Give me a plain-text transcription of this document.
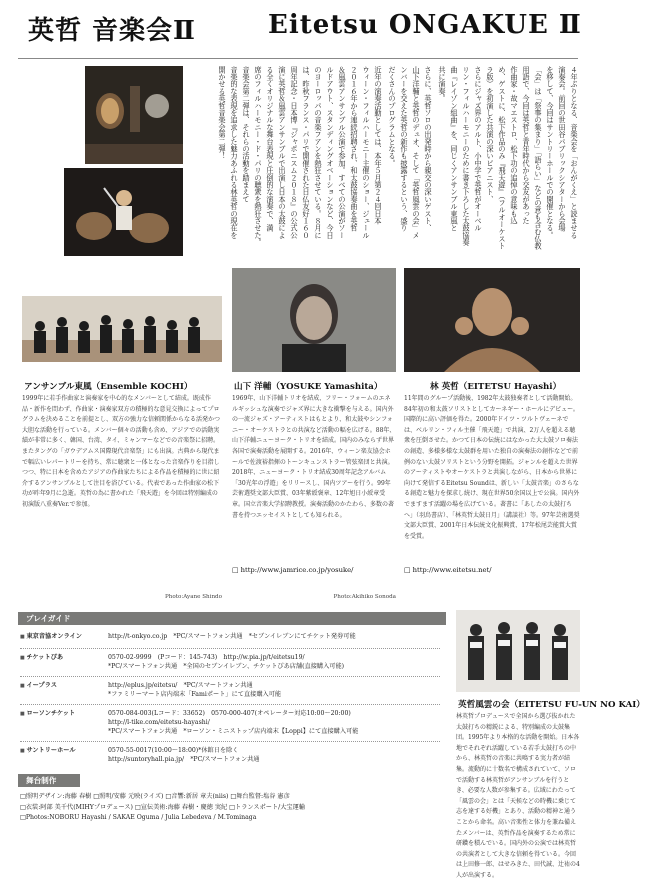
英哲 音楽会Ⅱ	Eitetsu ONGAKUE Ⅱ
４年ぶりとなる、音楽会を「おんがくえ」と読ませる
演奏会。前回の世田谷パブリックシアターから会場
を移して、今回はサントリーホールでの開催となる。
「会」は「祭事の集まり」「語らい」などの意も含む仏教
用語で、今回は英哲と青年時代から交友があった
作曲家・故マエストロ、松下功の追悼の意味も込
め、ゲストに、松下作品のみ『飛天遊』（フルオーケスト
ラ版）を初演した共演の深いピアニスト、
さらにジャズ界のアルト、小中学で英哲がオーベル
リン・フィルハーモニーのために書き下ろした太鼓協奏
曲『レイゾン組曲』を、同じくアンサンブル東風と
共に演奏。
さらに、英哲ソロの出発時から親交の深いゲスト、
山下洋輔と英哲のデュオ、そして「英哲風雲の会」メ
ンバーを交えた英哲の新作も披露するという、盛り
だくさんのプログラムとなる。
近年の演奏活動としては、本年５月第２４回日本
ウィーン・フィルハーモニー主催のショー、ジュール
２０１６年から連続招聘され、和太鼓協奏曲を英哲
＆風雲アンサンブル公演で参加。すべての公演がソー
ルドアウト、スタンディングオベーションなど、今日
のヨーロッパの音楽フアンを熱狂させている。８月に
は、昨秋フランス・パリで開催された日仏友好１６０
周年記念・日本博『ジャポニスム２０１８』の公式公
演に英哲＆風雲アンサンブルで出演し日本の太鼓によ
る全くオリジナルな舞台表現と圧倒的な演奏で、満
席のフィルハーモニー・ド・パリの聴衆を熱狂させた。
音楽会第二弾は、それらの活動を踏まえて
音楽的な表現を追求した魅力あふれる林英哲の現在を
開かせる英哲音楽会第二弾！
アンサンブル東風（Ensemble KOCHI）
1999年に若手作曲家と演奏家を中心的なメンバーとして結成。既成作品・新作を問わず、作曲家・演奏家双方の積極的な意見交換によってプログラムを決めることを前提とし、双方の強力な信頼関係からなる活発かつ大胆な活動を行っている。メンバー個々の活動も含め、アジアでの活動実績が非常に多く、韓国、台湾、タイ、ミャンマーなどでの音楽祭に招聘。またタングの「ガウデアムス国際現代音楽祭」にも出演。古典から現代まで幅広いレパートリーを持ち、常に聴衆と一体となった音楽作りを目指しつつ、特に日本を含めたアジアの作曲家たちによる作品を積極的に世に紹介するアンサンブルとして注目を浴びている。代表であった作曲家の松下功が昨年9月に急逝。英哲の為に書かれた「飛天遊」を今回は特別編成の初演版八重奏Ver.で参加。
Photo:Ayane Shindo
山下 洋輔（YOSUKE Yamashita）
1969年、山下洋輔トリオを結成、フリー・フォームのエネルギッシュな演奏でジャズ界に大きな衝撃を与える。国内外の一流ジャズ・アーティストはもとより、和太鼓やシンフォニー・オーケストラとの共演など活動の幅を広げる。88年、山下洋輔ニューヨーク・トリオを結成。国内のみならず世界各国で演奏活動を展開する。2016年、ウィーン楽友協会ホールで佐渡裕指揮のトーンキュンストラー管弦楽団と共演。2018年、ニューヨーク・トリオ結成30周年記念アルバム「30光年の浮遊」をリリースし、国内ツアーを行う。99年芸術選奨文部大臣賞、03年紫綬褒章、12年旭日小綬章受章。国立音楽大学招聘教授。演奏活動のかたわら、多数の著書を持つエッセイストとしても知られる。
□ http://www.jamrice.co.jp/yosuke/
Photo:Akihiko Sonoda
林 英哲（EITETSU Hayashi）
11年間のグループ活動後、1982年太鼓独奏者として活動開始。84年初の和太鼓ソリストとしてカーネギー・ホールにデビュー。国際的に高い評価を得た。2000年ドイツ・ツルトヴェーネでは、ベルリン・フィル主催「飛天遊」で共演、2万人を超える聴衆を圧倒させた。かつて日本の伝統にはなかった大太鼓ソロ奏法の創造、多様多様な太鼓群を用いた独自の演奏法の創作などで前例のない太鼓ソリストという分野を開拓。ジャンルを超えた世界のアーティストやオーケストラと共演しながら、日本から世界に向けて発信するEitetsu Soundは、新しい「太鼓音楽」のさらなる創造と魅力を探求し続け、現在世界50余国以上で公演。国内外でますます活躍の場を広げている。著書に「あしたの太鼓打ちへ」（羽鳥書店）、「林英哲太鼓日月」（講談社）等。97年芸術選奨文部大臣賞、2001年日本伝統文化振興賞、17年松尾芸能賞大賞を受賞。
□ http://www.eitetsu.net/
英哲風雲の会（EITETSU FU-UN NO KAI）
林英哲プロデュースで全国から選び抜かれた太鼓打ちの精鋭による、特別編成の太鼓集団。1995年より本格的な活動を開始。日本各地でそれぞれ活躍している若手太鼓打ちの中から、林英哲の音楽に共鳴する実力者が結集。流動的に十数名で構成されていて、ソロで活動する林英哲がアンサンブルを行うとき、必要な人数が参集する。広域にわたって「風雲の会」とは「天候などの時機に乗じて志を達する好機」とあり、活動の精神と通うことから命名。高い音楽性と体力を兼ね備えたメンバーは、英哲作品を演奏するため常に研鑽を積んでいる。国内外の公演では林英哲の共演者として大きな信頼を得ている。今回は上田修一郎、はせみきた、田代誠、辻祐の4人が出演する。
プレイガイド
■ 東京音協オンライン	http://t-onkyo.co.jp　*PC/スマートフォン共通　*セブンイレブンにてチケット発券可能
■ チケットぴあ	0570-02-9999　(Pコード：145-743)　http://w.pia.jp/t/eitetsu19/
*PC/スマートフォン共通　*全国のセブンイレブン、チケットぴあ店舗(直接購入可能)
■ イープラス	http://eplus.jp/eitetsu/　*PC/スマートフォン共通
*ファミリーマート店内端末「Famiポート」にて直接購入可能
■ ローソンチケット	0570-084-003(Lコード：33652)　0570-000-407(オペレーター対応10:00〜20:00)
http://l-tike.com/eitetsu-hayashi/
*PC/スマートフォン共通　*ローソン・ミニストップ店内端末【Loppi】にて直接購入可能
■ サントリーホール	0570-55-0017(10:00〜18:00)*休館日を除く
http://suntoryhall.pia.jp/　*PC/スマートフォン共通
舞台制作
□照明デザイン:海藤 春樹 □照明/安藤 元映(ライズ) □音響:新居 章夫(niis) □舞台監督:塩谷 憲彦
□衣装:阿部 美千代(MIHYプロデュース) □宣伝美術:海藤 春樹・慶徳 実紀 □トランスポート/大宝運輸
□Photos:NOBORU Hayashi / SAKAE Oguma / Julia Lebedeva / M.Tominaga
